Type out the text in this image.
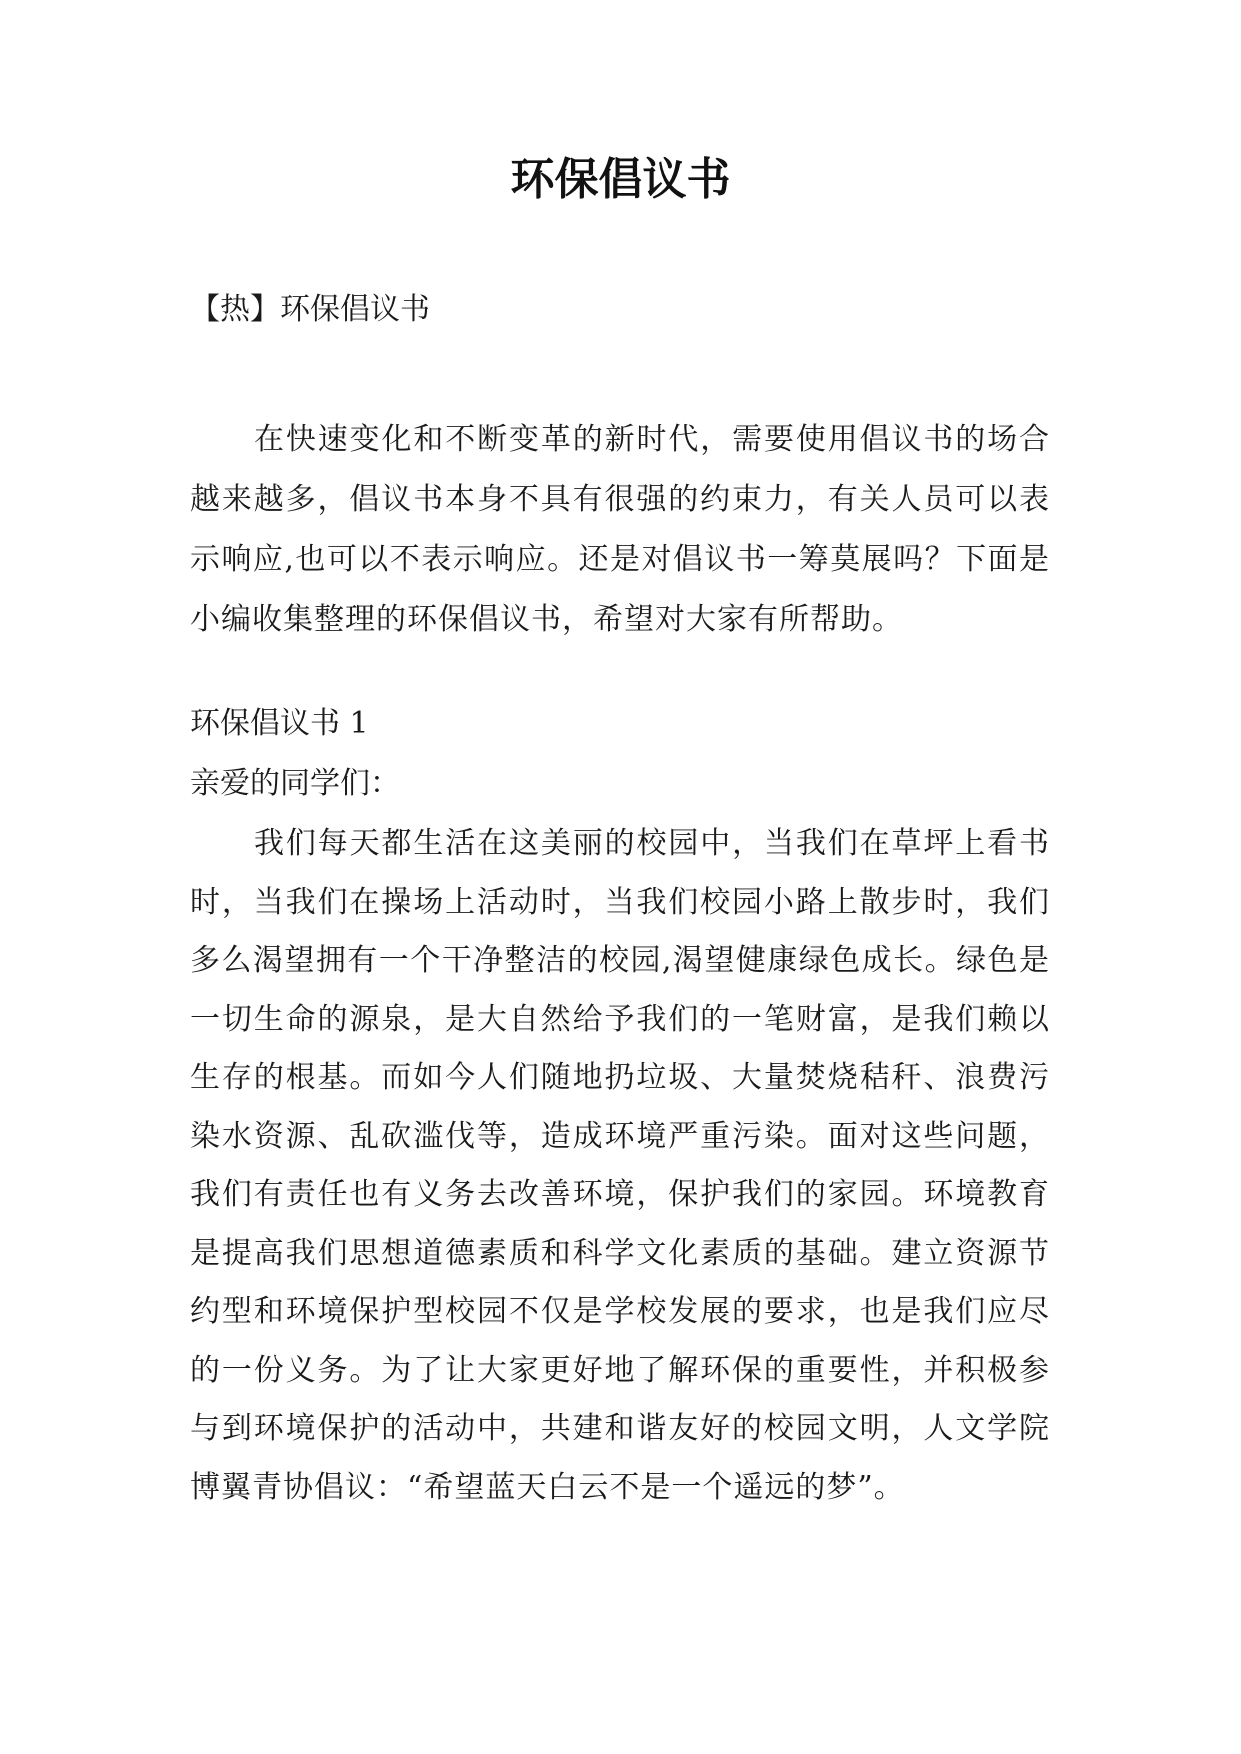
环保倡议书

【热】环保倡议书

在快速变化和不断变革的新时代，需要使用倡议书的场合越来越多，倡议书本身不具有很强的约束力，有关人员可以表示响应,也可以不表示响应。还是对倡议书一筹莫展吗？下面是小编收集整理的环保倡议书，希望对大家有所帮助。

环保倡议书 1

亲爱的同学们：

我们每天都生活在这美丽的校园中，当我们在草坪上看书时，当我们在操场上活动时，当我们校园小路上散步时，我们多么渴望拥有一个干净整洁的校园,渴望健康绿色成长。绿色是一切生命的源泉，是大自然给予我们的一笔财富，是我们赖以生存的根基。而如今人们随地扔垃圾、大量焚烧秸秆、浪费污染水资源、乱砍滥伐等，造成环境严重污染。面对这些问题，我们有责任也有义务去改善环境，保护我们的家园。环境教育是提高我们思想道德素质和科学文化素质的基础。建立资源节约型和环境保护型校园不仅是学校发展的要求，也是我们应尽的一份义务。为了让大家更好地了解环保的重要性，并积极参与到环境保护的活动中，共建和谐友好的校园文明，人文学院博翼青协倡议：“希望蓝天白云不是一个遥远的梦”。
